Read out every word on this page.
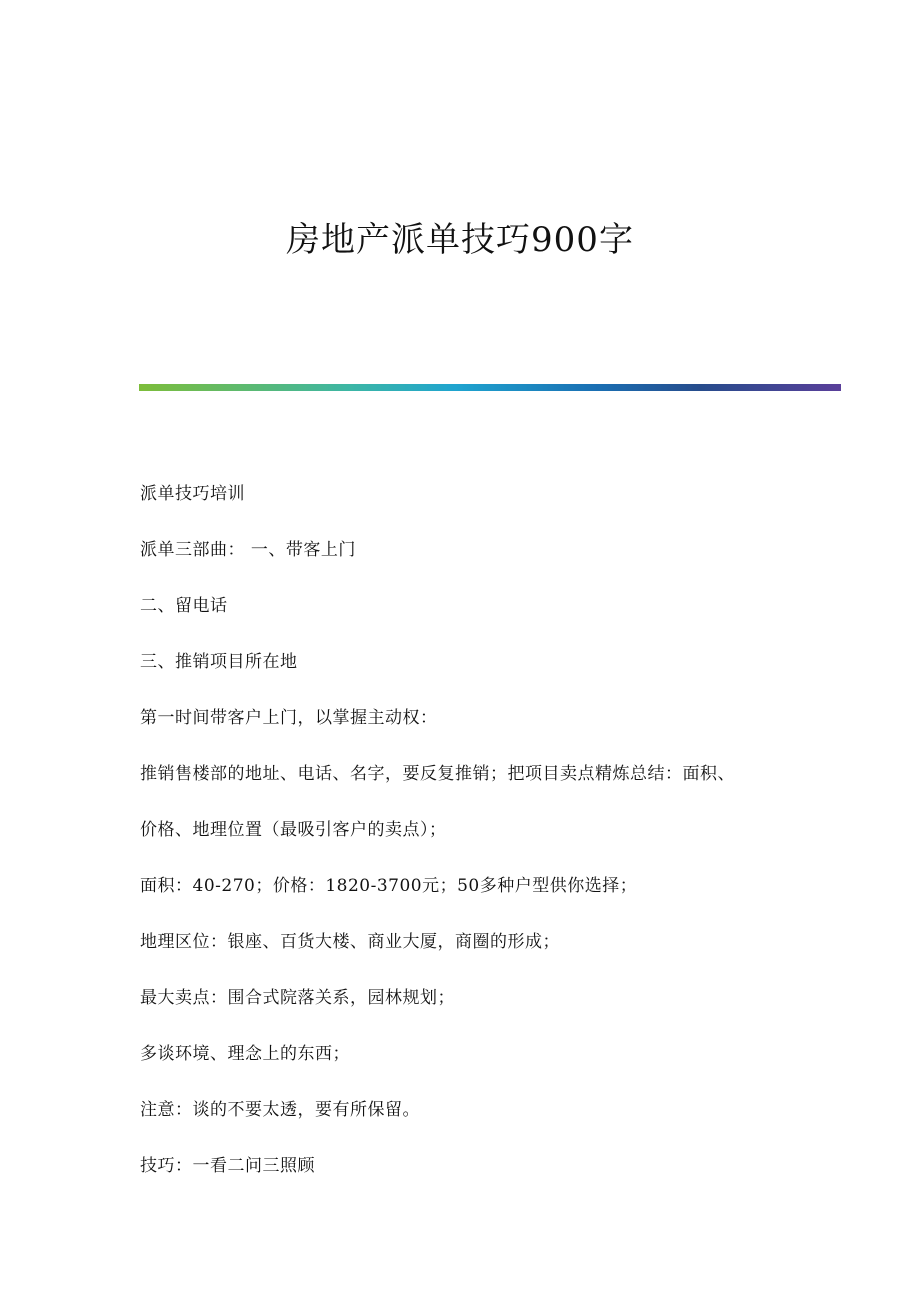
房地产派单技巧900字

派单技巧培训

派单三部曲： 一、带客上门

二、留电话

三、推销项目所在地

第一时间带客户上门，以掌握主动权：

推销售楼部的地址、电话、名字，要反复推销；把项目卖点精炼总结：面积、

价格、地理位置（最吸引客户的卖点）；

面积：40-270；价格：1820-3700元；50多种户型供你选择；

地理区位：银座、百货大楼、商业大厦，商圈的形成；

最大卖点：围合式院落关系，园林规划；

多谈环境、理念上的东西；

注意：谈的不要太透，要有所保留。

技巧：一看二问三照顾
